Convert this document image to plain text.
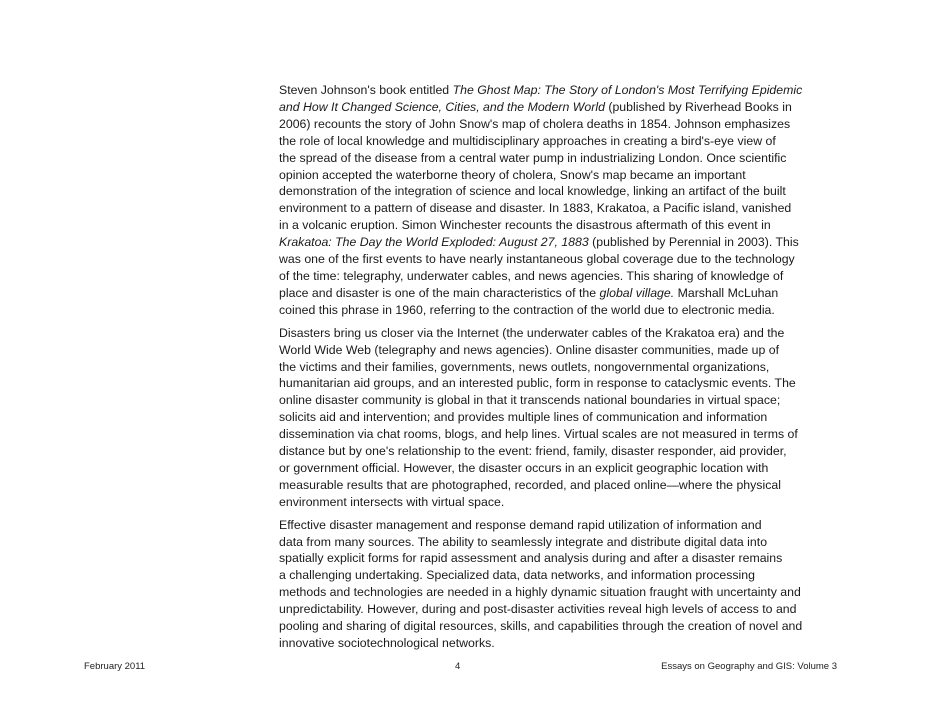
Steven Johnson's book entitled The Ghost Map: The Story of London's Most Terrifying Epidemic
and How It Changed Science, Cities, and the Modern World (published by Riverhead Books in
2006) recounts the story of John Snow's map of cholera deaths in 1854. Johnson emphasizes
the role of local knowledge and multidisciplinary approaches in creating a bird's-eye view of
the spread of the disease from a central water pump in industrializing London. Once scientific
opinion accepted the waterborne theory of cholera, Snow's map became an important
demonstration of the integration of science and local knowledge, linking an artifact of the built
environment to a pattern of disease and disaster. In 1883, Krakatoa, a Pacific island, vanished
in a volcanic eruption. Simon Winchester recounts the disastrous aftermath of this event in
Krakatoa: The Day the World Exploded: August 27, 1883 (published by Perennial in 2003). This
was one of the first events to have nearly instantaneous global coverage due to the technology
of the time: telegraphy, underwater cables, and news agencies. This sharing of knowledge of
place and disaster is one of the main characteristics of the global village. Marshall McLuhan
coined this phrase in 1960, referring to the contraction of the world due to electronic media.

Disasters bring us closer via the Internet (the underwater cables of the Krakatoa era) and the
World Wide Web (telegraphy and news agencies). Online disaster communities, made up of
the victims and their families, governments, news outlets, nongovernmental organizations,
humanitarian aid groups, and an interested public, form in response to cataclysmic events. The
online disaster community is global in that it transcends national boundaries in virtual space;
solicits aid and intervention; and provides multiple lines of communication and information
dissemination via chat rooms, blogs, and help lines. Virtual scales are not measured in terms of
distance but by one's relationship to the event: friend, family, disaster responder, aid provider,
or government official. However, the disaster occurs in an explicit geographic location with
measurable results that are photographed, recorded, and placed online—where the physical
environment intersects with virtual space.

Effective disaster management and response demand rapid utilization of information and
data from many sources. The ability to seamlessly integrate and distribute digital data into
spatially explicit forms for rapid assessment and analysis during and after a disaster remains
a challenging undertaking. Specialized data, data networks, and information processing
methods and technologies are needed in a highly dynamic situation fraught with uncertainty and
unpredictability. However, during and post-disaster activities reveal high levels of access to and
pooling and sharing of digital resources, skills, and capabilities through the creation of novel and
innovative sociotechnological networks.

February 2011	4	Essays on Geography and GIS: Volume 3
